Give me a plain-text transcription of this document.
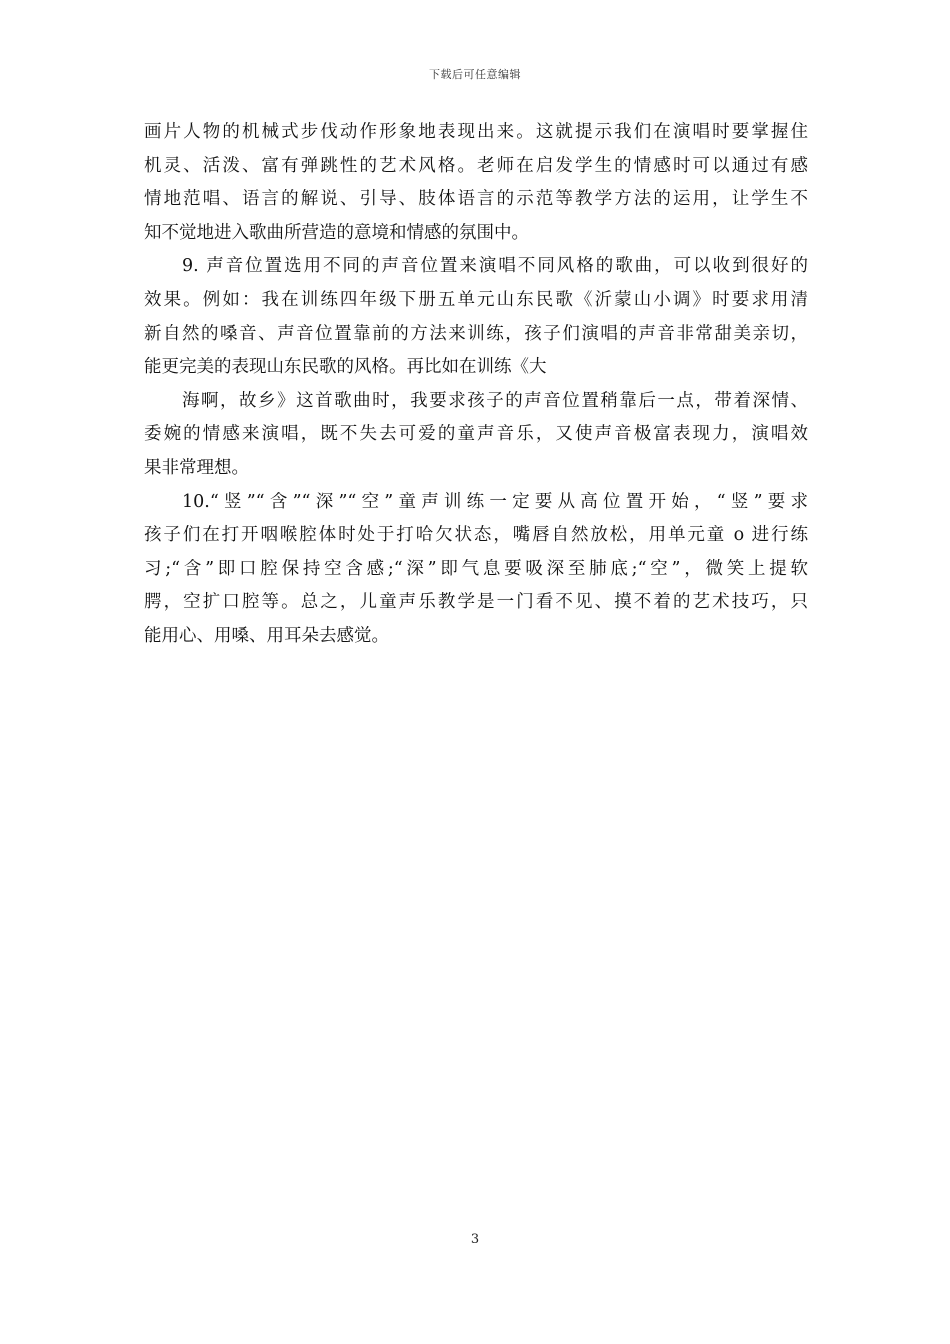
下载后可任意编辑
画片人物的机械式步伐动作形象地表现出来。这就提示我们在演唱时要掌握住
机灵、活泼、富有弹跳性的艺术风格。老师在启发学生的情感时可以通过有感
情地范唱、语言的解说、引导、肢体语言的示范等教学方法的运用，让学生不
知不觉地进入歌曲所营造的意境和情感的氛围中。
9. 声音位置选用不同的声音位置来演唱不同风格的歌曲，可以收到很好的
效果。例如：我在训练四年级下册五单元山东民歌《沂蒙山小调》时要求用清
新自然的嗓音、声音位置靠前的方法来训练，孩子们演唱的声音非常甜美亲切，
能更完美的表现山东民歌的风格。再比如在训练《大
海啊，故乡》这首歌曲时，我要求孩子的声音位置稍靠后一点，带着深情、
委婉的情感来演唱，既不失去可爱的童声音乐，又使声音极富表现力，演唱效
果非常理想。
10.“竖”“含”“深”“空”童声训练一定要从高位置开始，“竖”要求
孩子们在打开咽喉腔体时处于打哈欠状态，嘴唇自然放松，用单元童 o 进行练
习;“含”即口腔保持空含感;“深”即气息要吸深至肺底;“空”，微笑上提软
腭，空扩口腔等。总之，儿童声乐教学是一门看不见、摸不着的艺术技巧，只
能用心、用嗓、用耳朵去感觉。
3
